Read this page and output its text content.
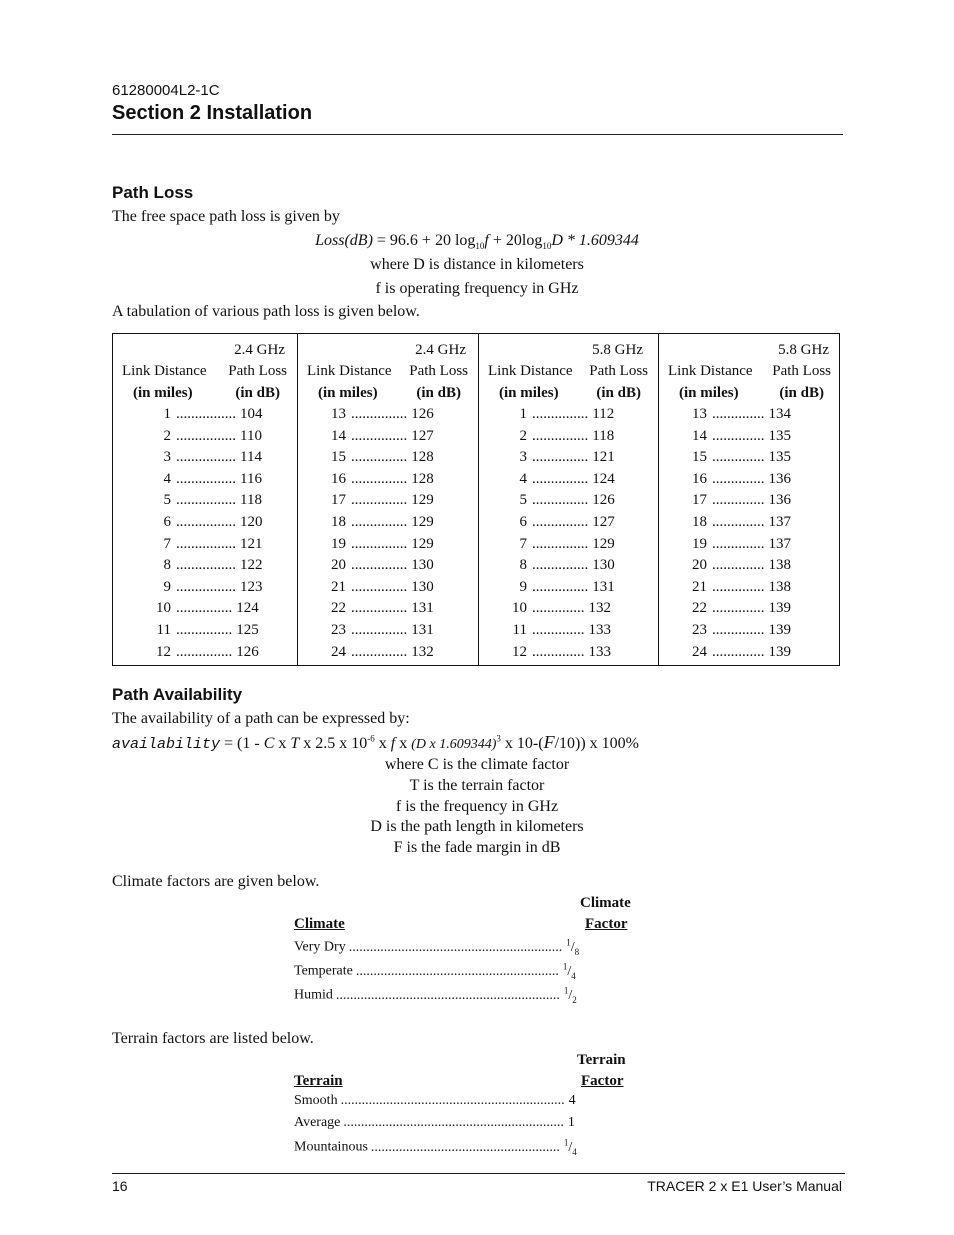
61280004L2-1C
Section 2 Installation
Path Loss
The free space path loss is given by
Loss(dB) = 96.6 + 20 $\log_{10}f + 20\log_{10}D * 1.609344$
where D is distance in kilometers
f is operating frequency in GHz
A tabulation of various path loss is given below.
2.4 GHz
Link Distance Path Loss
(in miles)	(in dB)
1 ................ 104
2 ................ 110
3 ................ 114
4 ................ 116
5 ................ 118
6 ................ 120
7 ................ 121
8 ................ 122
9 ................ 123
10 ............... 124
11 ............... 125
12 ............... 126
2.4 GHz
Link Distance Path Loss
(in miles)	(in dB)
13 ............... 126
14 ............... 127
15 ............... 128
16 ............... 128
17 ............... 129
18 ............... 129
19 ............... 129
20 ............... 130
21 ............... 130
22 ............... 131
23 ............... 131
24 ............... 132
5.8 GHz
Link Distance Path Loss
(in miles)	(in dB)
1 ............... 112
2 ............... 118
3 ............... 121
4 ............... 124
5 ............... 126
6 ............... 127
7 ............... 129
8 ............... 130
9 ............... 131
10 .............. 132
11 .............. 133
12 .............. 133
5.8 GHz
Link Distance Path Loss
(in miles)	(in dB)
13 .............. 134
14 .............. 135
15 .............. 135
16 .............. 136
17 .............. 136
18 .............. 137
19 .............. 137
20 .............. 138
21 .............. 138
22 .............. 139
23 .............. 139
24 .............. 139
Path Availability
The availability of a path can be expressed by:
availability = (1 - C x T x 2.5 x $10^{-6}$ x f x (D x 1.609344)$^3$ x 10-(F/10)) x 100%
where C is the climate factor
T is the terrain factor
f is the frequency in GHz
D is the path length in kilometers
F is the fade margin in dB
Climate factors are given below.
Climate
Climate	Factor
Very Dry ............................................................. $^1/_8$
Temperate .......................................................... $^1/_4$
Humid ................................................................ $^1/_2$
Terrain factors are listed below.
Terrain
Terrain	Factor
Smooth ................................................................ 4
Average ............................................................... 1
Mountainous ...................................................... $^1/_4$
16	TRACER 2 x E1 User’s Manual
